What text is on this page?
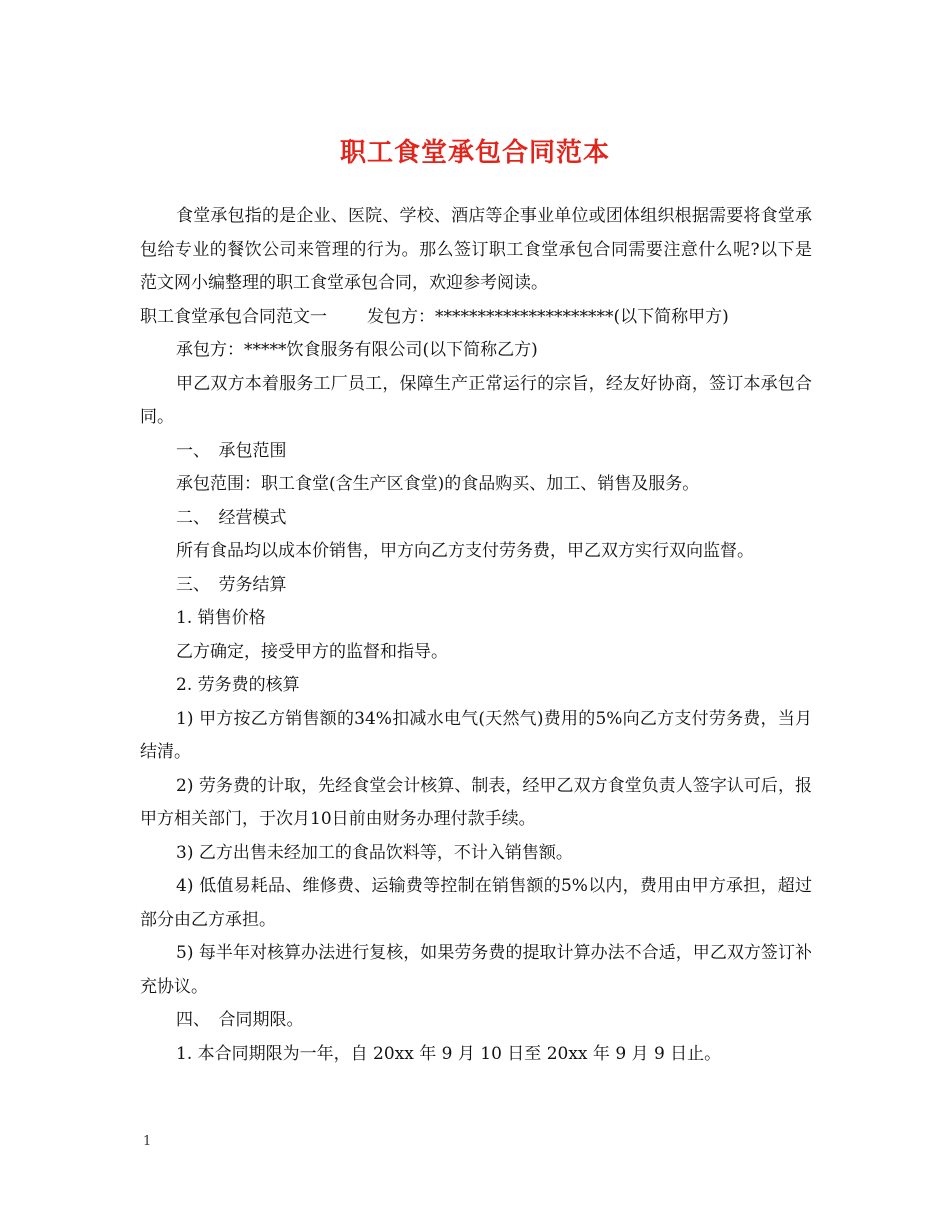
职工食堂承包合同范本

食堂承包指的是企业、医院、学校、酒店等企事业单位或团体组织根据需要将食堂承包给专业的餐饮公司来管理的行为。那么签订职工食堂承包合同需要注意什么呢?以下是范文网小编整理的职工食堂承包合同，欢迎参考阅读。

职工食堂承包合同范文一 发包方：*********************(以下简称甲方)

承包方：*****饮食服务有限公司(以下简称乙方)

甲乙双方本着服务工厂员工，保障生产正常运行的宗旨，经友好协商，签订本承包合同。

一、　承包范围

承包范围：职工食堂(含生产区食堂)的食品购买、加工、销售及服务。

二、　经营模式

所有食品均以成本价销售，甲方向乙方支付劳务费，甲乙双方实行双向监督。

三、　劳务结算

1. 销售价格

乙方确定，接受甲方的监督和指导。

2. 劳务费的核算

1) 甲方按乙方销售额的34%扣减水电气(天然气)费用的5%向乙方支付劳务费，当月结清。

2) 劳务费的计取，先经食堂会计核算、制表，经甲乙双方食堂负责人签字认可后，报甲方相关部门，于次月10日前由财务办理付款手续。

3) 乙方出售未经加工的食品饮料等，不计入销售额。

4) 低值易耗品、维修费、运输费等控制在销售额的5%以内，费用由甲方承担，超过部分由乙方承担。

5) 每半年对核算办法进行复核，如果劳务费的提取计算办法不合适，甲乙双方签订补充协议。

四、　合同期限。

1. 本合同期限为一年，自 20xx 年 9 月 10 日至 20xx 年 9 月 9 日止。

1
